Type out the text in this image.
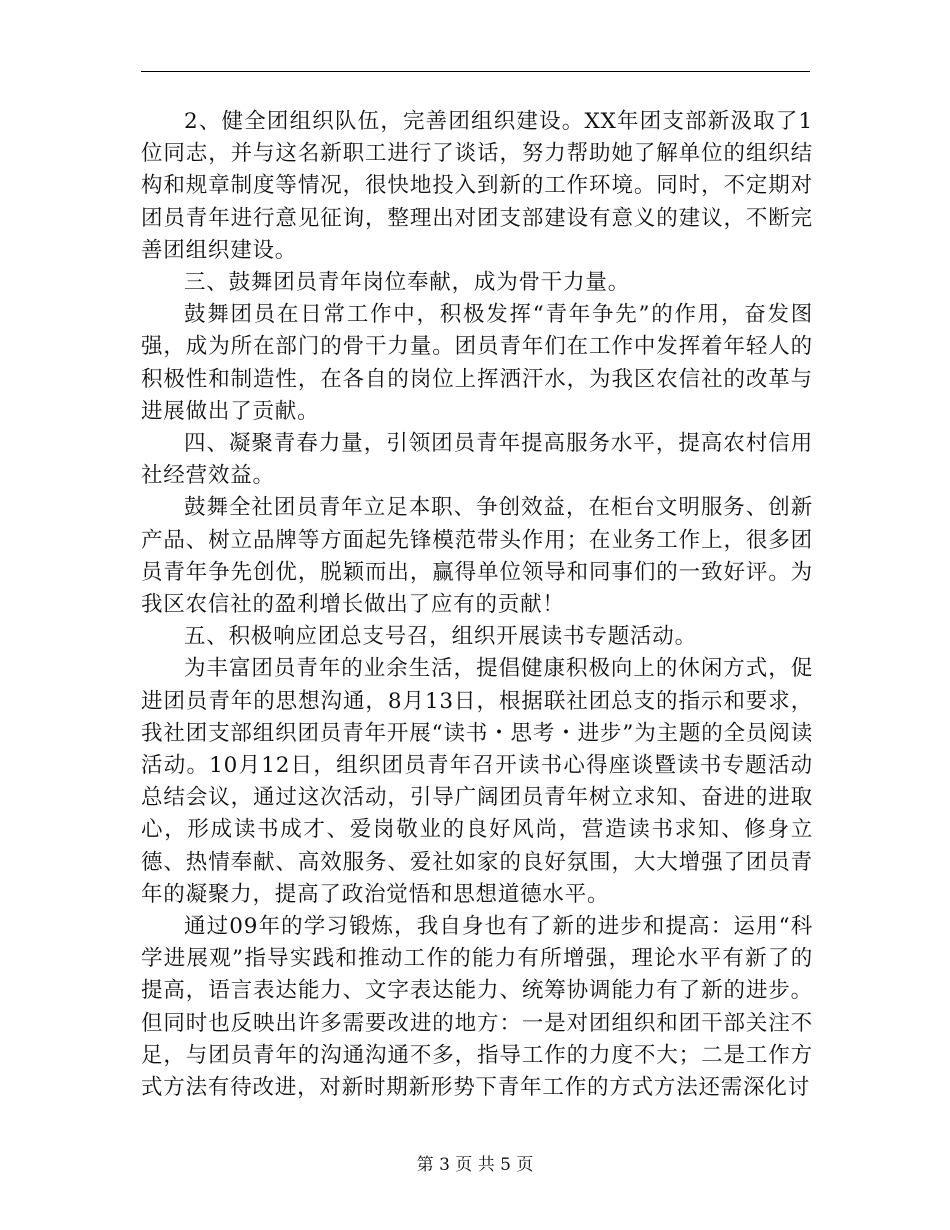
2、健全团组织队伍，完善团组织建设。XX年团支部新汲取了1位同志，并与这名新职工进行了谈话，努力帮助她了解单位的组织结构和规章制度等情况，很快地投入到新的工作环境。同时，不定期对团员青年进行意见征询，整理出对团支部建设有意义的建议，不断完善团组织建设。

三、鼓舞团员青年岗位奉献，成为骨干力量。

鼓舞团员在日常工作中，积极发挥“青年争先”的作用，奋发图强，成为所在部门的骨干力量。团员青年们在工作中发挥着年轻人的积极性和制造性，在各自的岗位上挥洒汗水，为我区农信社的改革与进展做出了贡献。

四、凝聚青春力量，引领团员青年提高服务水平，提高农村信用社经营效益。

鼓舞全社团员青年立足本职、争创效益，在柜台文明服务、创新产品、树立品牌等方面起先锋模范带头作用；在业务工作上，很多团员青年争先创优，脱颖而出，赢得单位领导和同事们的一致好评。为我区农信社的盈利增长做出了应有的贡献！

五、积极响应团总支号召，组织开展读书专题活动。

为丰富团员青年的业余生活，提倡健康积极向上的休闲方式，促进团员青年的思想沟通，8月13日，根据联社团总支的指示和要求，我社团支部组织团员青年开展“读书・思考・进步”为主题的全员阅读活动。10月12日，组织团员青年召开读书心得座谈暨读书专题活动总结会议，通过这次活动，引导广阔团员青年树立求知、奋进的进取心，形成读书成才、爱岗敬业的良好风尚，营造读书求知、修身立德、热情奉献、高效服务、爱社如家的良好氛围，大大增强了团员青年的凝聚力，提高了政治觉悟和思想道德水平。

通过09年的学习锻炼，我自身也有了新的进步和提高：运用“科学进展观”指导实践和推动工作的能力有所增强，理论水平有新了的提高，语言表达能力、文字表达能力、统筹协调能力有了新的进步。但同时也反映出许多需要改进的地方：一是对团组织和团干部关注不足，与团员青年的沟通沟通不多，指导工作的力度不大；二是工作方式方法有待改进，对新时期新形势下青年工作的方式方法还需深化讨

第 3 页 共 5 页
